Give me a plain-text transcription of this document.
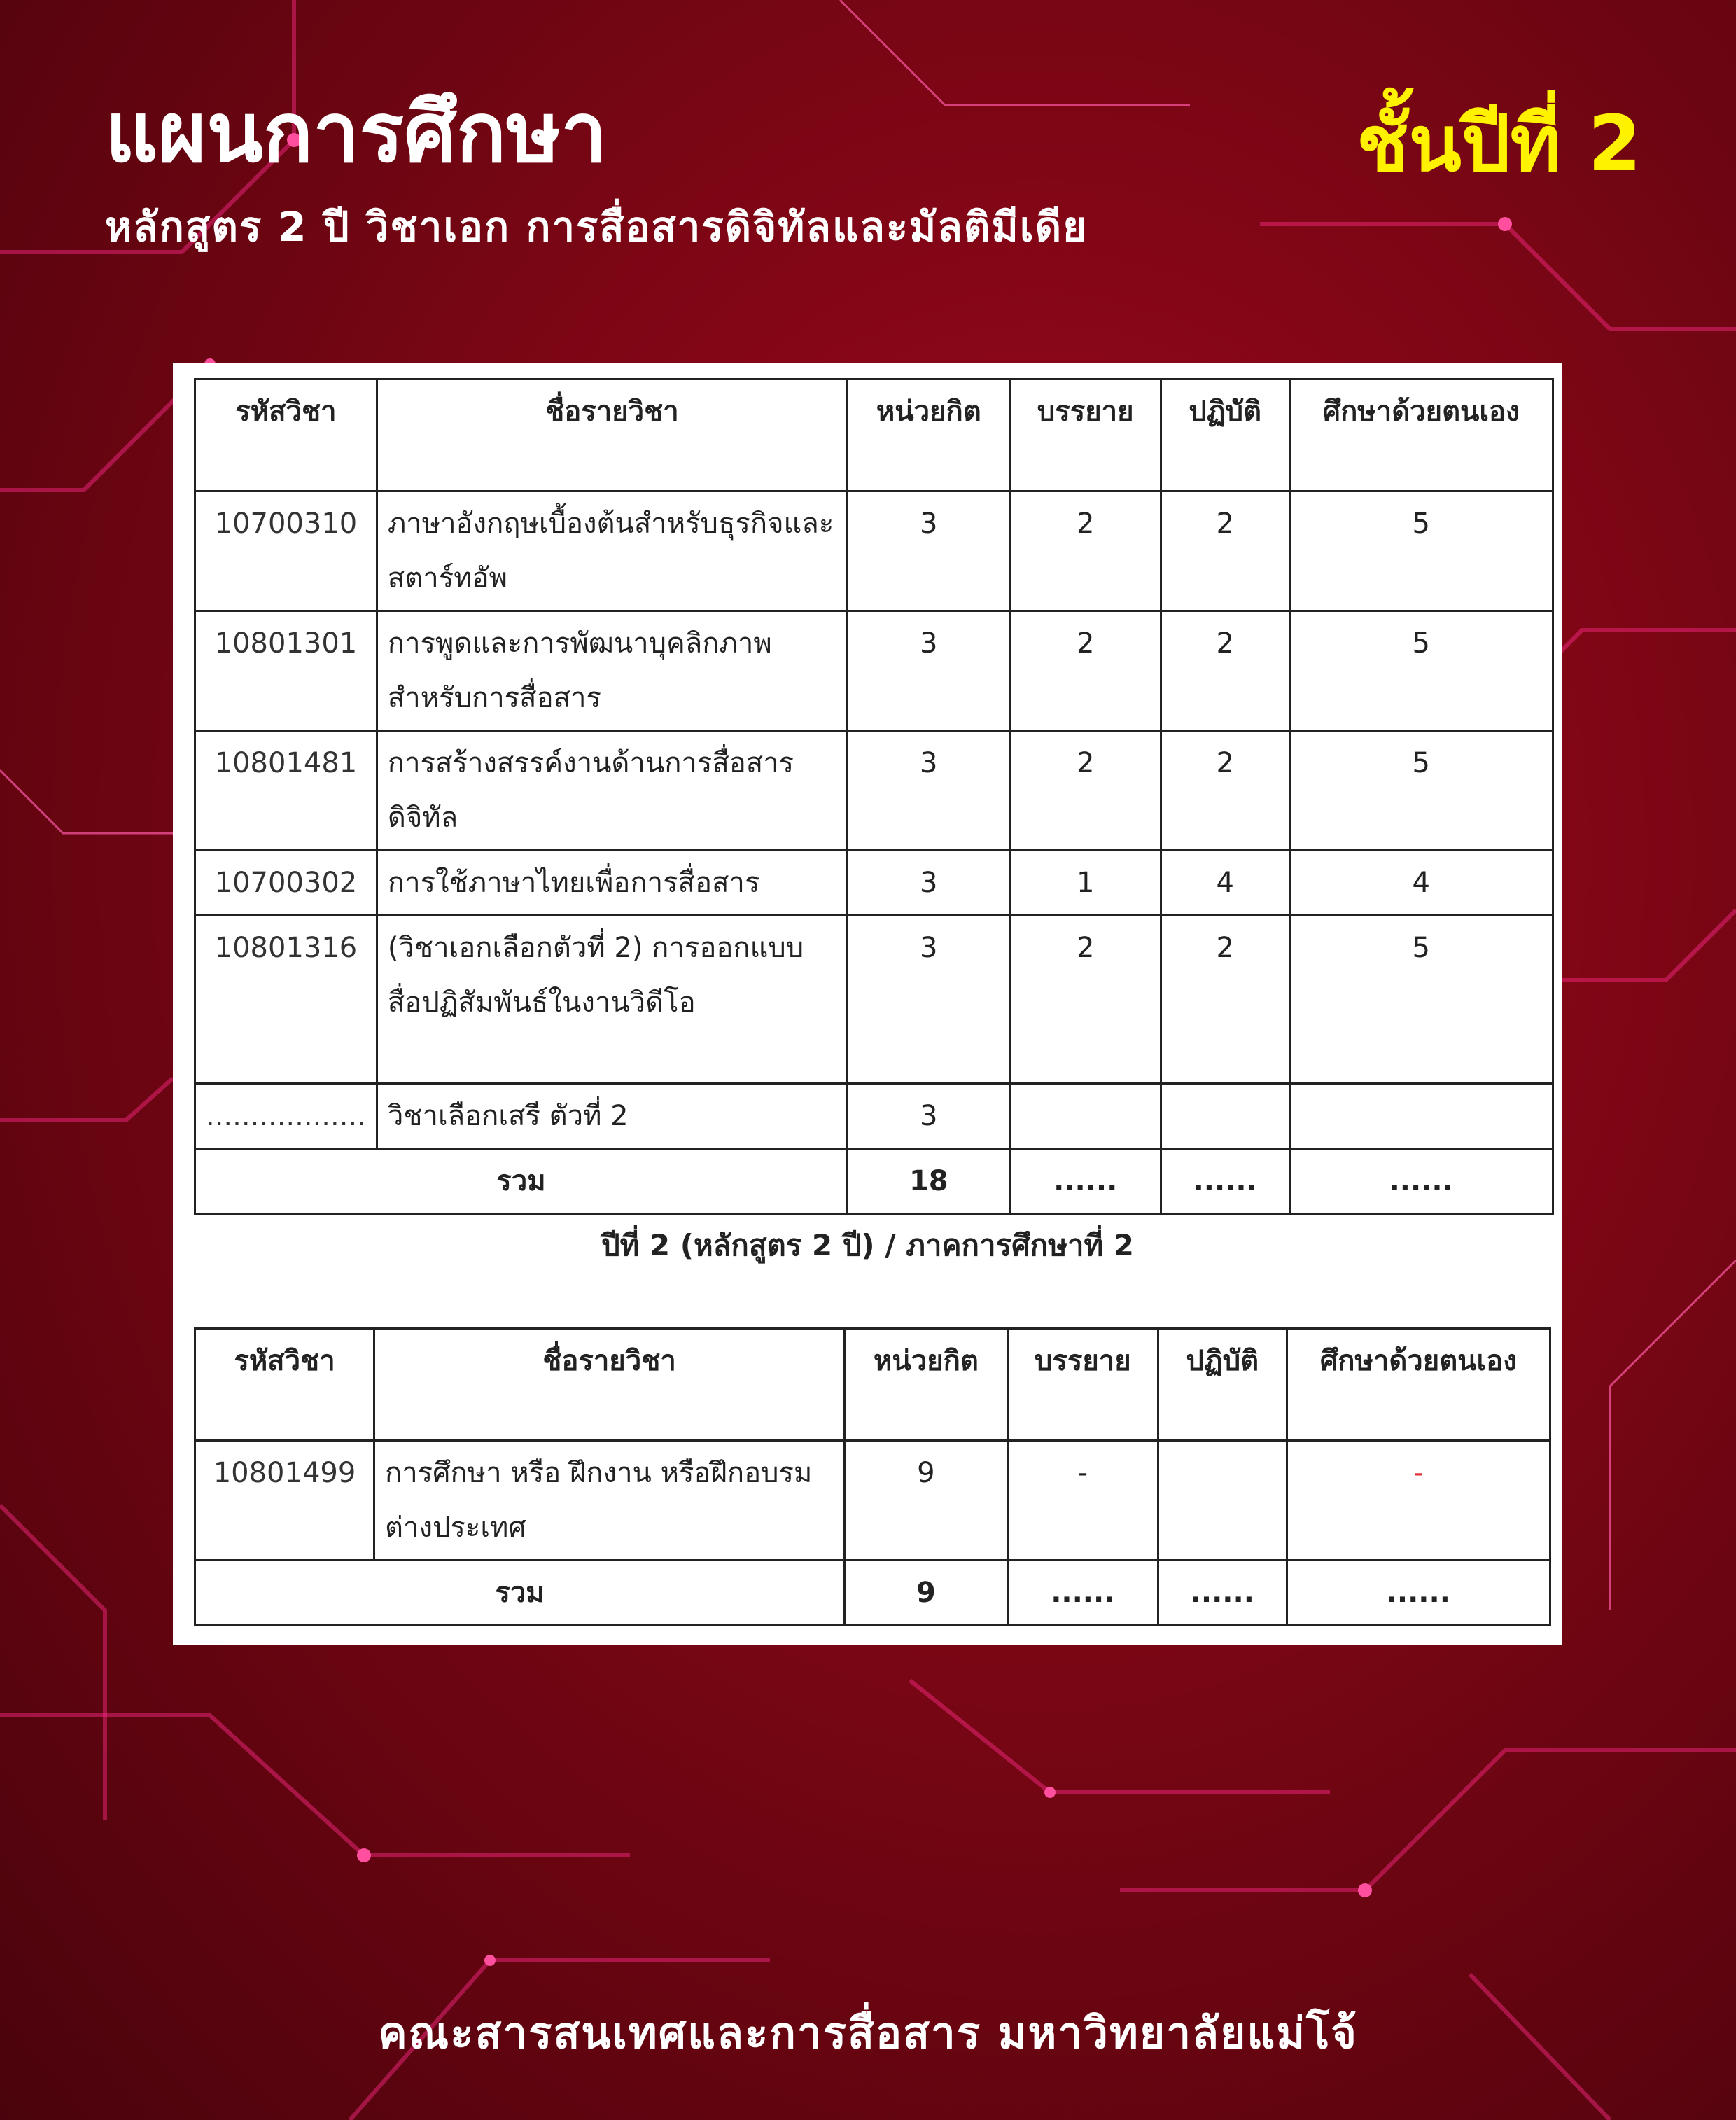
แผนการศึกษา	ชั้นปีที่ 2
หลักสูตร 2 ปี วิชาเอก การสื่อสารดิจิทัลและมัลติมีเดีย
รหัสวิชา	ชื่อรายวิชา	หน่วยกิต	บรรยาย	ปฏิบัติ	ศึกษาด้วยตนเอง
10700310	ภาษาอังกฤษเบื้องต้นสำหรับธุรกิจและสตาร์ทอัพ	3	2	2	5
10801301	การพูดและการพัฒนาบุคลิกภาพสำหรับการสื่อสาร	3	2	2	5
10801481	การสร้างสรรค์งานด้านการสื่อสารดิจิทัล	3	2	2	5
10700302	การใช้ภาษาไทยเพื่อการสื่อสาร	3	1	4	4
10801316	(วิชาเอกเลือกตัวที่ 2) การออกแบบสื่อปฏิสัมพันธ์ในงานวิดีโอ	3	2	2	5
..................	วิชาเลือกเสรี ตัวที่ 2	3			
รวม		18	......	......	......
ปีที่ 2 (หลักสูตร 2 ปี) / ภาคการศึกษาที่ 2
รหัสวิชา	ชื่อรายวิชา	หน่วยกิต	บรรยาย	ปฏิบัติ	ศึกษาด้วยตนเอง
10801499	การศึกษา หรือ ฝึกงาน หรือฝึกอบรมต่างประเทศ	9	-		-
รวม		9	......	......	......
คณะสารสนเทศและการสื่อสาร มหาวิทยาลัยแม่โจ้
